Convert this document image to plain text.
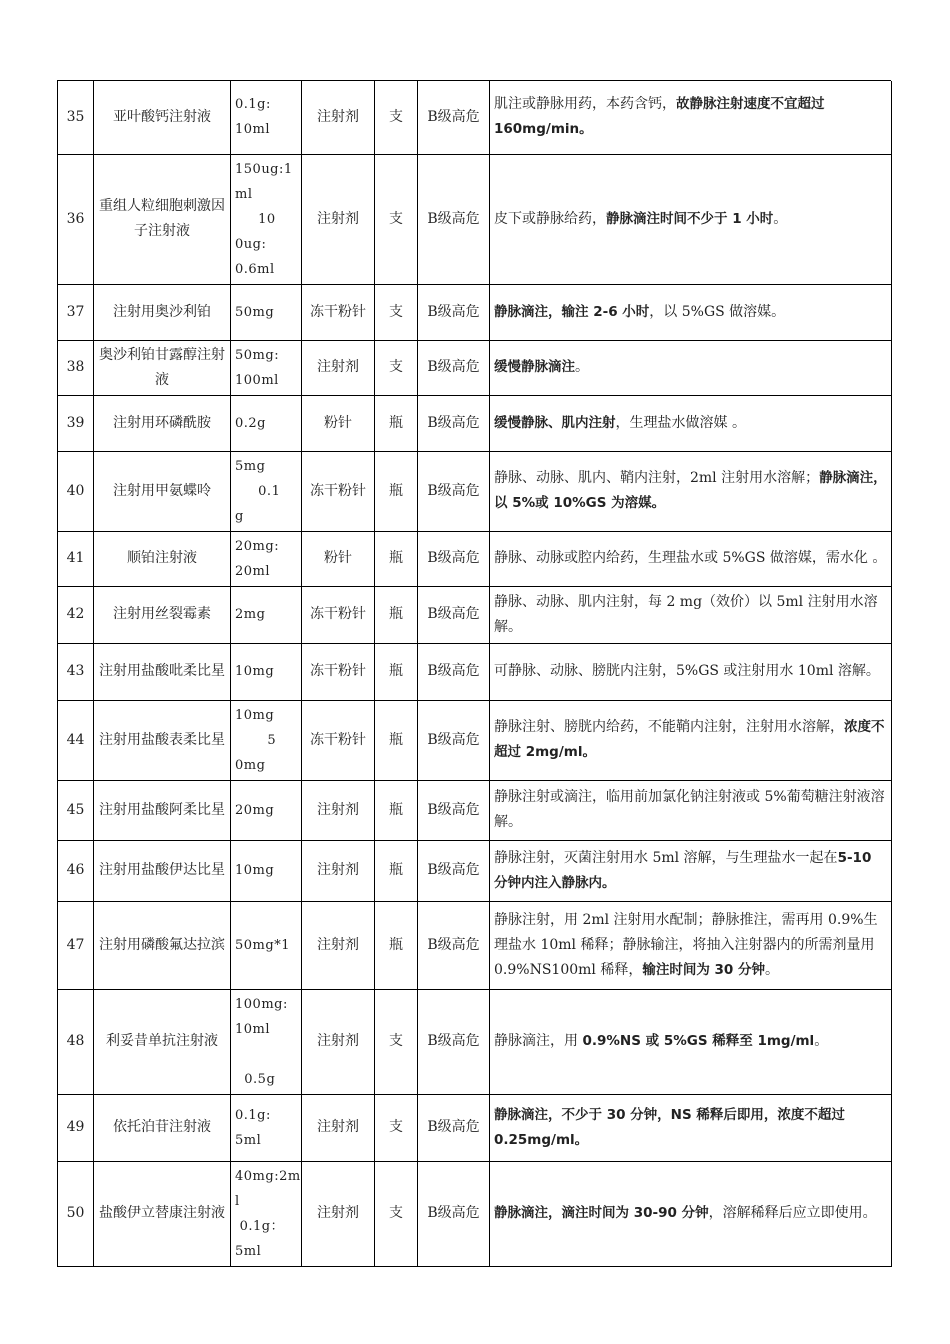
35	亚叶酸钙注射液	0.1g:
10ml	注射剂	支	B级高危	肌注或静脉用药，本药含钙，故静脉注射速度不宜超过160mg/min。
36	重组人粒细胞刺激因子注射液	150ug:1
ml
10
0ug:
0.6ml	注射剂	支	B级高危	皮下或静脉给药，静脉滴注时间不少于 1 小时。
37	注射用奥沙利铂	50mg	冻干粉针	支	B级高危	静脉滴注，输注 2-6 小时，以 5%GS 做溶媒。
38	奥沙利铂甘露醇注射液	50mg:
100ml	注射剂	支	B级高危	缓慢静脉滴注。
39	注射用环磷酰胺	0.2g	粉针	瓶	B级高危	缓慢静脉、肌内注射，生理盐水做溶媒 。
40	注射用甲氨蝶呤	5mg
0.1
g	冻干粉针	瓶	B级高危	静脉、动脉、肌内、鞘内注射，2ml 注射用水溶解；静脉滴注，以 5%或 10%GS 为溶媒。
41	顺铂注射液	20mg:
20ml	粉针	瓶	B级高危	静脉、动脉或腔内给药，生理盐水或 5%GS 做溶媒，需水化 。
42	注射用丝裂霉素	2mg	冻干粉针	瓶	B级高危	静脉、动脉、肌内注射，每 2 mg（效价）以 5ml 注射用水溶解。
43	注射用盐酸吡柔比星	10mg	冻干粉针	瓶	B级高危	可静脉、动脉、膀胱内注射，5%GS 或注射用水 10ml 溶解。
44	注射用盐酸表柔比星	10mg
5
0mg	冻干粉针	瓶	B级高危	静脉注射、膀胱内给药，不能鞘内注射，注射用水溶解，浓度不超过 2mg/ml。
45	注射用盐酸阿柔比星	20mg	注射剂	瓶	B级高危	静脉注射或滴注，临用前加氯化钠注射液或 5%葡萄糖注射液溶解。
46	注射用盐酸伊达比星	10mg	注射剂	瓶	B级高危	静脉注射，灭菌注射用水 5ml 溶解，与生理盐水一起在5-10 分钟内注入静脉内。
47	注射用磷酸氟达拉滨	50mg*1	注射剂	瓶	B级高危	静脉注射，用 2ml 注射用水配制；静脉推注，需再用 0.9%生理盐水 10ml 稀释；静脉输注，将抽入注射器内的所需剂量用 0.9%NS100ml 稀释，输注时间为 30 分钟。
48	利妥昔单抗注射液	100mg:
10ml

0.5g	注射剂	支	B级高危	静脉滴注，用 0.9%NS 或 5%GS 稀释至 1mg/ml。
49	依托泊苷注射液	0.1g:
5ml	注射剂	支	B级高危	静脉滴注，不少于 30 分钟，NS 稀释后即用，浓度不超过 0.25mg/ml。
50	盐酸伊立替康注射液	40mg:2m
l
0.1g：
5ml	注射剂	支	B级高危	静脉滴注，滴注时间为 30-90 分钟，溶解稀释后应立即使用。
